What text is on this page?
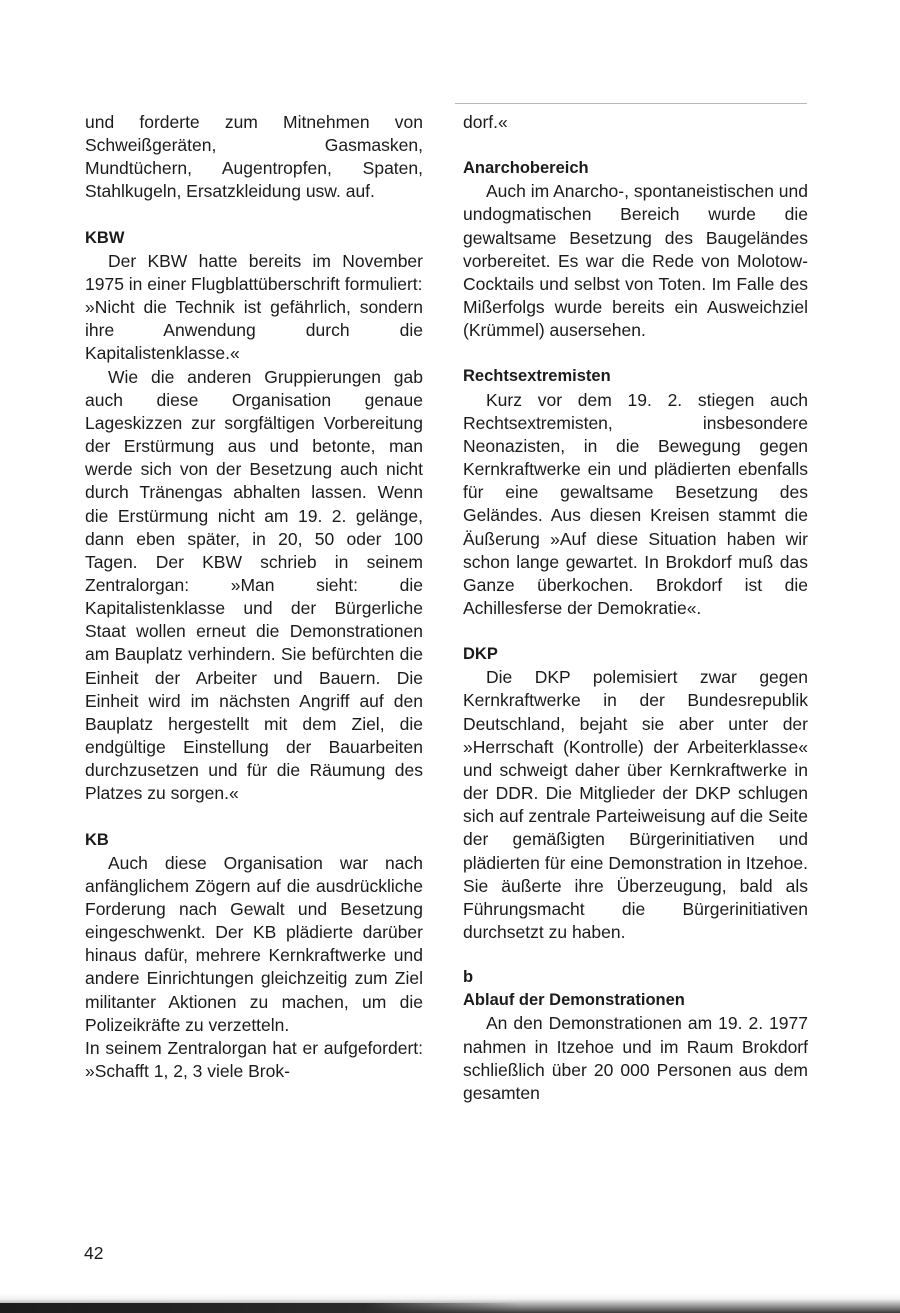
und forderte zum Mitnehmen von Schweißgeräten, Gasmasken, Mundtüchern, Augentropfen, Spaten, Stahlkugeln, Ersatzkleidung usw. auf.

KBW

Der KBW hatte bereits im November 1975 in einer Flugblattüberschrift formuliert:

»Nicht die Technik ist gefährlich, sondern ihre Anwendung durch die Kapitalistenklasse.«

Wie die anderen Gruppierungen gab auch diese Organisation genaue Lageskizzen zur sorgfältigen Vorbereitung der Erstürmung aus und betonte, man werde sich von der Besetzung auch nicht durch Tränengas abhalten lassen. Wenn die Erstürmung nicht am 19. 2. gelänge, dann eben später, in 20, 50 oder 100 Tagen. Der KBW schrieb in seinem Zentralorgan: »Man sieht: die Kapitalistenklasse und der Bürgerliche Staat wollen erneut die Demonstrationen am Bauplatz verhindern. Sie befürchten die Einheit der Arbeiter und Bauern. Die Einheit wird im nächsten Angriff auf den Bauplatz hergestellt mit dem Ziel, die endgültige Einstellung der Bauarbeiten durchzusetzen und für die Räumung des Platzes zu sorgen.«

KB

Auch diese Organisation war nach anfänglichem Zögern auf die ausdrückliche Forderung nach Gewalt und Besetzung eingeschwenkt. Der KB plädierte darüber hinaus dafür, mehrere Kernkraftwerke und andere Einrichtungen gleichzeitig zum Ziel militanter Aktionen zu machen, um die Polizeikräfte zu verzetteln.

In seinem Zentralorgan hat er aufgefordert: »Schafft 1, 2, 3 viele Brok-

dorf.«

Anarchobereich

Auch im Anarcho-, spontaneistischen und undogmatischen Bereich wurde die gewaltsame Besetzung des Baugeländes vorbereitet. Es war die Rede von Molotow-Cocktails und selbst von Toten. Im Falle des Mißerfolgs wurde bereits ein Ausweichziel (Krümmel) ausersehen.

Rechtsextremisten

Kurz vor dem 19. 2. stiegen auch Rechtsextremisten, insbesondere Neonazisten, in die Bewegung gegen Kernkraftwerke ein und plädierten ebenfalls für eine gewaltsame Besetzung des Geländes. Aus diesen Kreisen stammt die Äußerung »Auf diese Situation haben wir schon lange gewartet. In Brokdorf muß das Ganze überkochen. Brokdorf ist die Achillesferse der Demokratie«.

DKP

Die DKP polemisiert zwar gegen Kernkraftwerke in der Bundesrepublik Deutschland, bejaht sie aber unter der »Herrschaft (Kontrolle) der Arbeiterklasse« und schweigt daher über Kernkraftwerke in der DDR. Die Mitglieder der DKP schlugen sich auf zentrale Parteiweisung auf die Seite der gemäßigten Bürgerinitiativen und plädierten für eine Demonstration in Itzehoe. Sie äußerte ihre Überzeugung, bald als Führungsmacht die Bürgerinitiativen durchsetzt zu haben.

b
Ablauf der Demonstrationen

An den Demonstrationen am 19. 2. 1977 nahmen in Itzehoe und im Raum Brokdorf schließlich über 20 000 Personen aus dem gesamten

42
